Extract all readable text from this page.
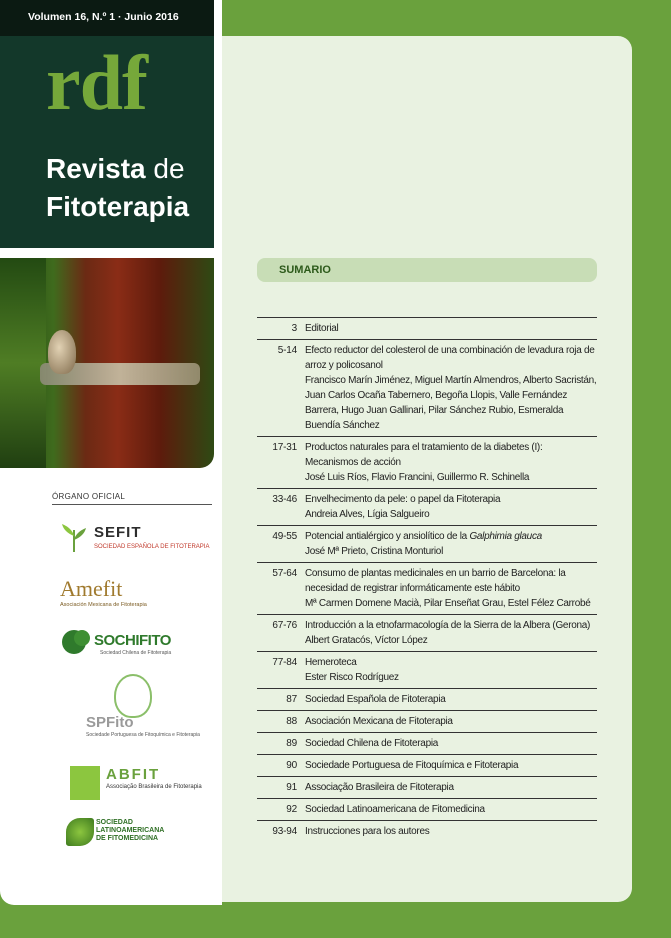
Volumen 16, N.º 1 · Junio 2016
rdf
Revista de
Fitoterapia
ÓRGANO OFICIAL
SEFIT
SOCIEDAD ESPAÑOLA DE FITOTERAPIA
Amefit
Asociación Mexicana de Fitoterapia
SOCHIFITO
Sociedad Chilena de Fitoterapia
SPFito
Sociedade Portuguesa de Fitoquímica e Fitoterapia
ABFIT
Associação Brasileira de Fitoterapia
SOCIEDAD
LATINOAMERICANA
DE FITOMEDICINA
SUMARIO
3 Editorial
5-14 Efecto reductor del colesterol de una combinación de levadura roja de arroz y policosanol
Francisco Marín Jiménez, Miguel Martín Almendros, Alberto Sacristán, Juan Carlos Ocaña Tabernero, Begoña Llopis, Valle Fernández Barrera, Hugo Juan Gallinari, Pilar Sánchez Rubio, Esmeralda Buendía Sánchez
17-31 Productos naturales para el tratamiento de la diabetes (I): Mecanismos de acción
José Luis Ríos, Flavio Francini, Guillermo R. Schinella
33-46 Envelhecimento da pele: o papel da Fitoterapia
Andreia Alves, Lígia Salgueiro
49-55 Potencial antialérgico y ansiolítico de la Galphimia glauca
José Mª Prieto, Cristina Monturiol
57-64 Consumo de plantas medicinales en un barrio de Barcelona: la necesidad de registrar informáticamente este hábito
Mª Carmen Domene Macià, Pilar Enseñat Grau, Estel Félez Carrobé
67-76 Introducción a la etnofarmacología de la Sierra de la Albera (Gerona)
Albert Gratacós, Víctor López
77-84 Hemeroteca
Ester Risco Rodríguez
87 Sociedad Española de Fitoterapia
88 Asociación Mexicana de Fitoterapia
89 Sociedad Chilena de Fitoterapia
90 Sociedade Portuguesa de Fitoquímica e Fitoterapia
91 Associação Brasileira de Fitoterapia
92 Sociedad Latinoamericana de Fitomedicina
93-94 Instrucciones para los autores
